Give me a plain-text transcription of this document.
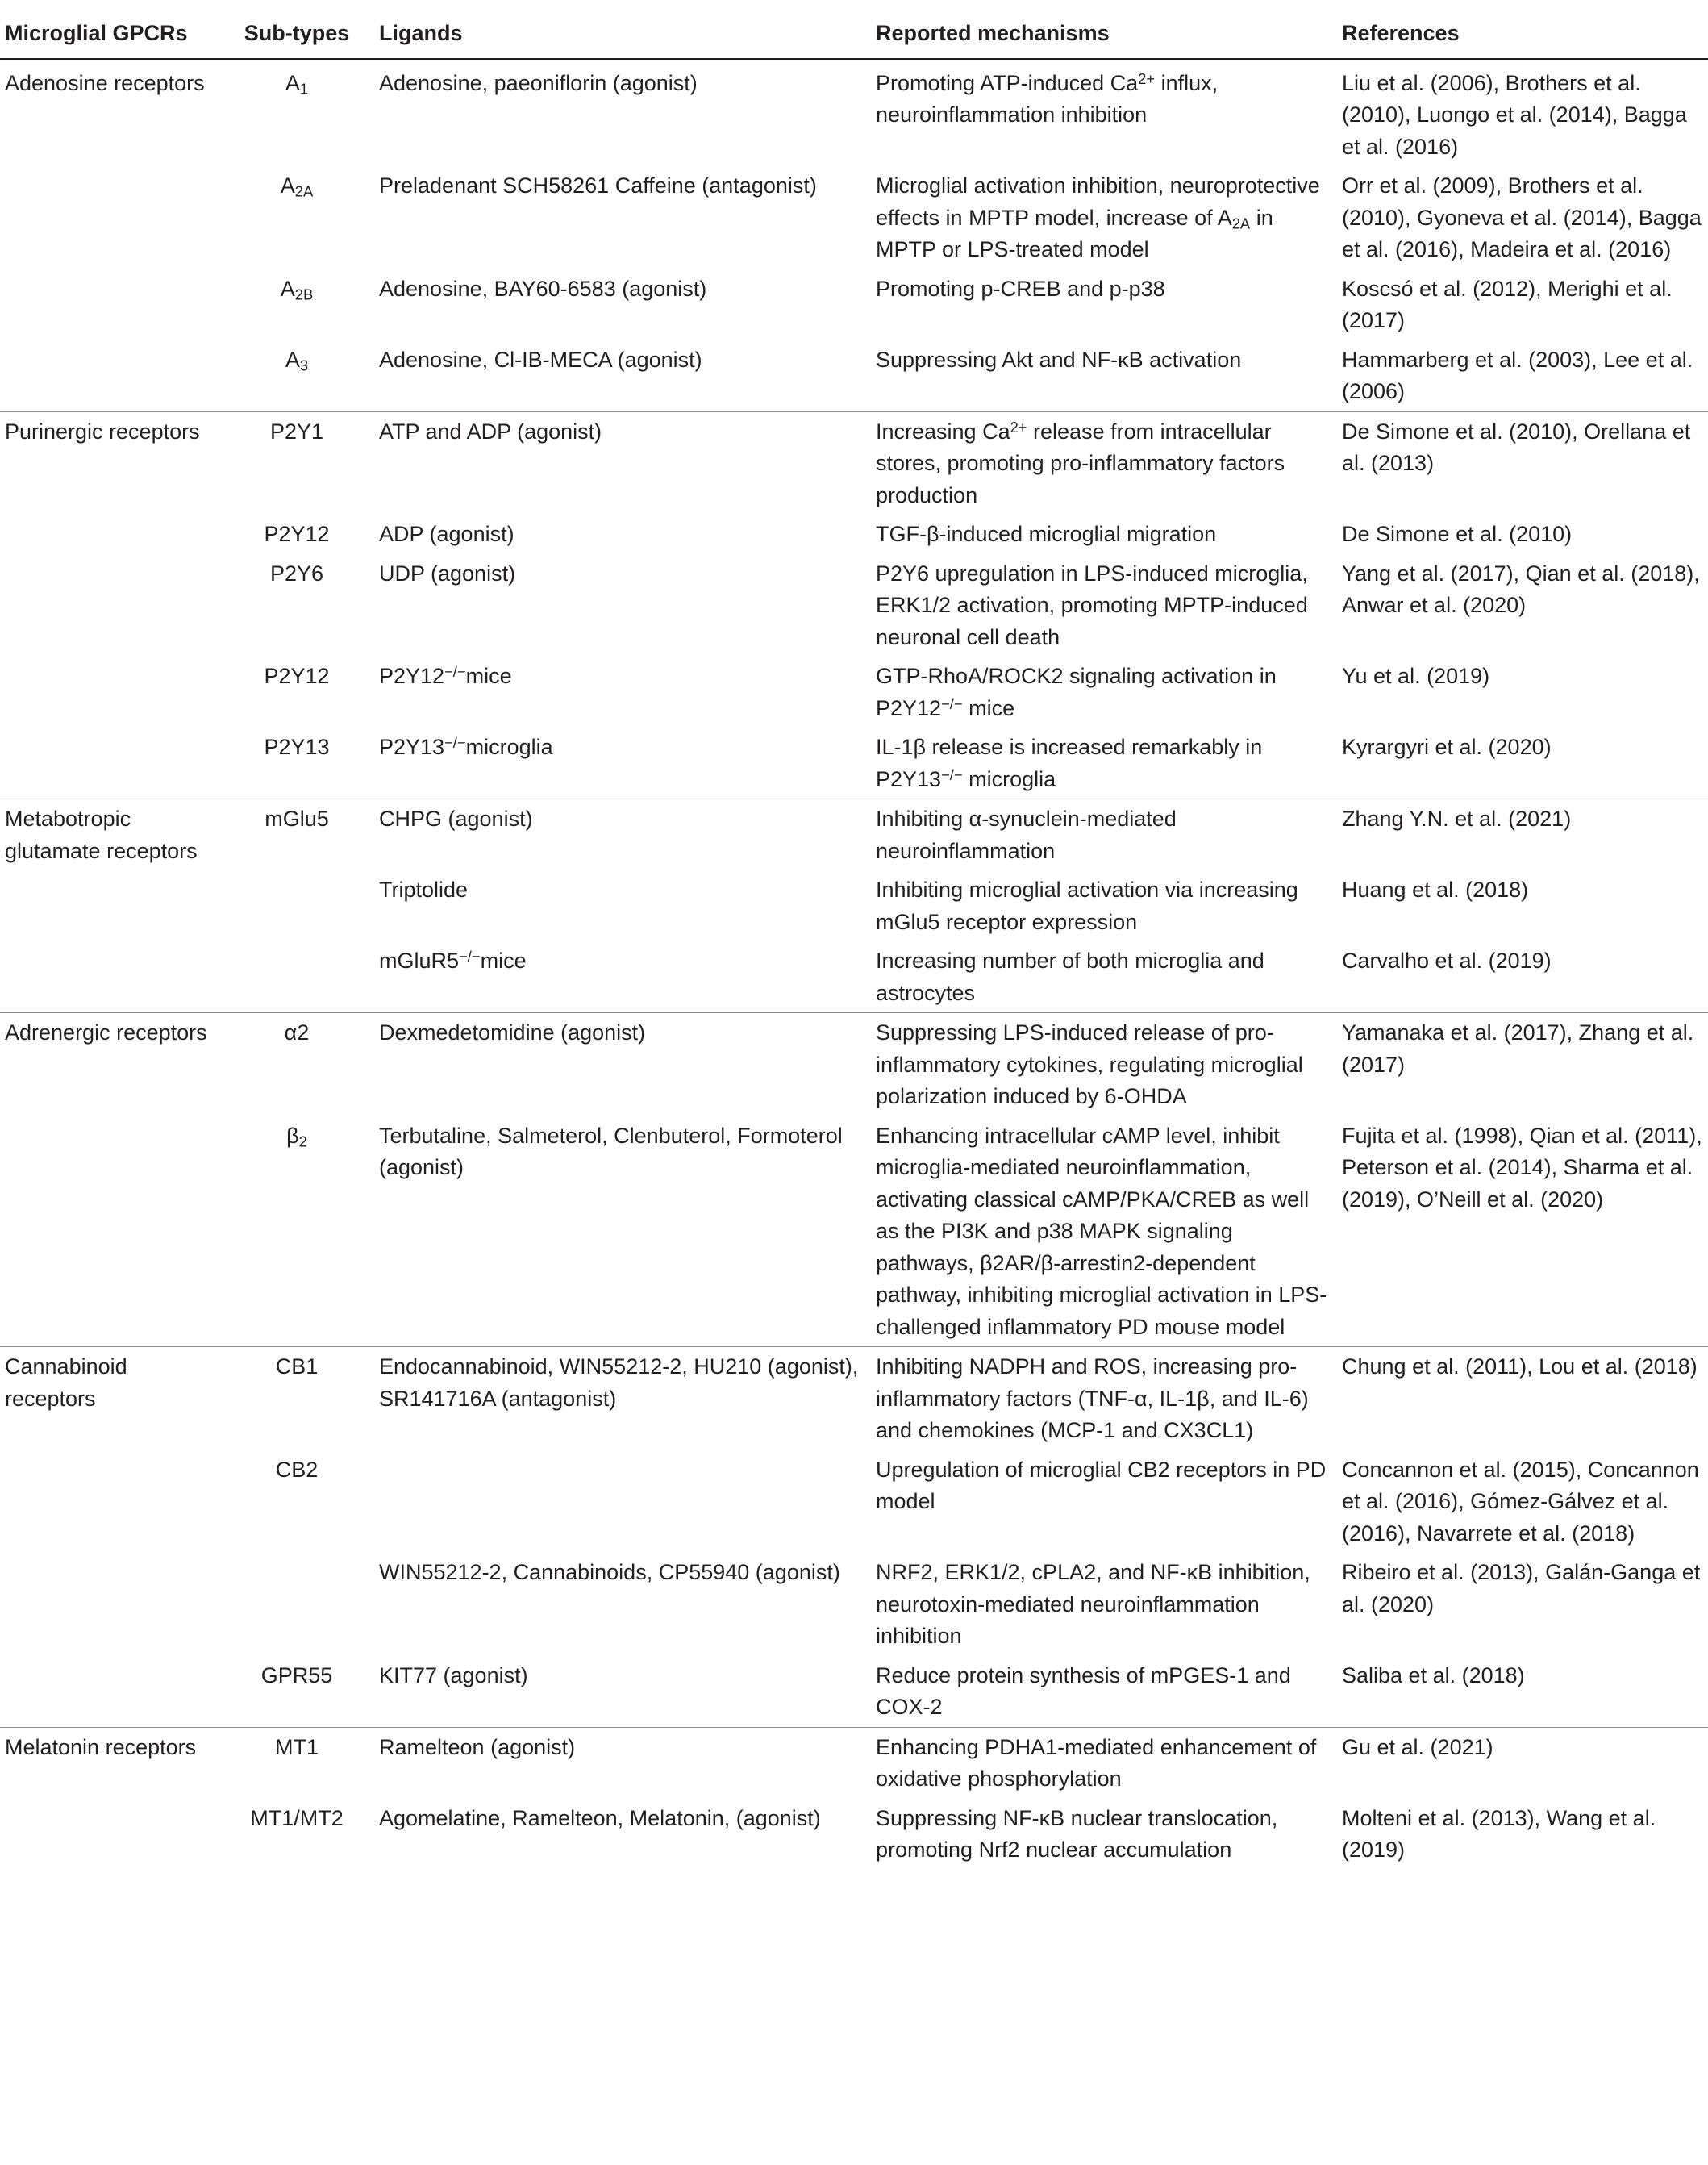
Microglial GPCRs	Sub-types	Ligands	Reported mechanisms	References
Adenosine receptors	A1	Adenosine, paeoniflorin (agonist)	Promoting ATP-induced $Ca^{2+}$ influx, neuroinflammation inhibition	Liu et al. (2006), Brothers et al. (2010), Luongo et al. (2014), Bagga et al. (2016)
	A2A	Preladenant SCH58261 Caffeine (antagonist)	Microglial activation inhibition, neuroprotective effects in MPTP model, increase of A2A in MPTP or LPS-treated model	Orr et al. (2009), Brothers et al. (2010), Gyoneva et al. (2014), Bagga et al. (2016), Madeira et al. (2016)
	A2B	Adenosine, BAY60-6583 (agonist)	Promoting p-CREB and p-p38	Koscsó et al. (2012), Merighi et al. (2017)
	A3	Adenosine, Cl-IB-MECA (agonist)	Suppressing Akt and NF-κB activation	Hammarberg et al. (2003), Lee et al. (2006)
Purinergic receptors	P2Y1	ATP and ADP (agonist)	Increasing $Ca^{2+}$ release from intracellular stores, promoting pro-inflammatory factors production	De Simone et al. (2010), Orellana et al. (2013)
	P2Y12	ADP (agonist)	TGF-β-induced microglial migration	De Simone et al. (2010)
	P2Y6	UDP (agonist)	P2Y6 upregulation in LPS-induced microglia, ERK1/2 activation, promoting MPTP-induced neuronal cell death	Yang et al. (2017), Qian et al. (2018), Anwar et al. (2020)
	P2Y12	P2Y12−/−mice	GTP-RhoA/ROCK2 signaling activation in P2Y12−/− mice	Yu et al. (2019)
	P2Y13	P2Y13−/−microglia	IL-1β release is increased remarkably in P2Y13−/− microglia	Kyrargyri et al. (2020)
Metabotropic glutamate receptors	mGlu5	CHPG (agonist)	Inhibiting α-synuclein-mediated neuroinflammation	Zhang Y.N. et al. (2021)
		Triptolide	Inhibiting microglial activation via increasing mGlu5 receptor expression	Huang et al. (2018)
		mGluR5−/−mice	Increasing number of both microglia and astrocytes	Carvalho et al. (2019)
Adrenergic receptors	α2	Dexmedetomidine (agonist)	Suppressing LPS-induced release of pro-inflammatory cytokines, regulating microglial polarization induced by 6-OHDA	Yamanaka et al. (2017), Zhang et al. (2017)
	β2	Terbutaline, Salmeterol, Clenbuterol, Formoterol (agonist)	Enhancing intracellular cAMP level, inhibit microglia-mediated neuroinflammation, activating classical cAMP/PKA/CREB as well as the PI3K and p38 MAPK signaling pathways, β2AR/β-arrestin2-dependent pathway, inhibiting microglial activation in LPS-challenged inflammatory PD mouse model	Fujita et al. (1998), Qian et al. (2011), Peterson et al. (2014), Sharma et al. (2019), O’Neill et al. (2020)
Cannabinoid receptors	CB1	Endocannabinoid, WIN55212-2, HU210 (agonist), SR141716A (antagonist)	Inhibiting NADPH and ROS, increasing pro-inflammatory factors (TNF-α, IL-1β, and IL-6) and chemokines (MCP-1 and CX3CL1)	Chung et al. (2011), Lou et al. (2018)
	CB2		Upregulation of microglial CB2 receptors in PD model	Concannon et al. (2015), Concannon et al. (2016), Gómez-Gálvez et al. (2016), Navarrete et al. (2018)
		WIN55212-2, Cannabinoids, CP55940 (agonist)	NRF2, ERK1/2, cPLA2, and NF-κB inhibition, neurotoxin-mediated neuroinflammation inhibition	Ribeiro et al. (2013), Galán-Ganga et al. (2020)
	GPR55	KIT77 (agonist)	Reduce protein synthesis of mPGES-1 and COX-2	Saliba et al. (2018)
Melatonin receptors	MT1	Ramelteon (agonist)	Enhancing PDHA1-mediated enhancement of oxidative phosphorylation	Gu et al. (2021)
	MT1/MT2	Agomelatine, Ramelteon, Melatonin, (agonist)	Suppressing NF-κB nuclear translocation, promoting Nrf2 nuclear accumulation	Molteni et al. (2013), Wang et al. (2019)
